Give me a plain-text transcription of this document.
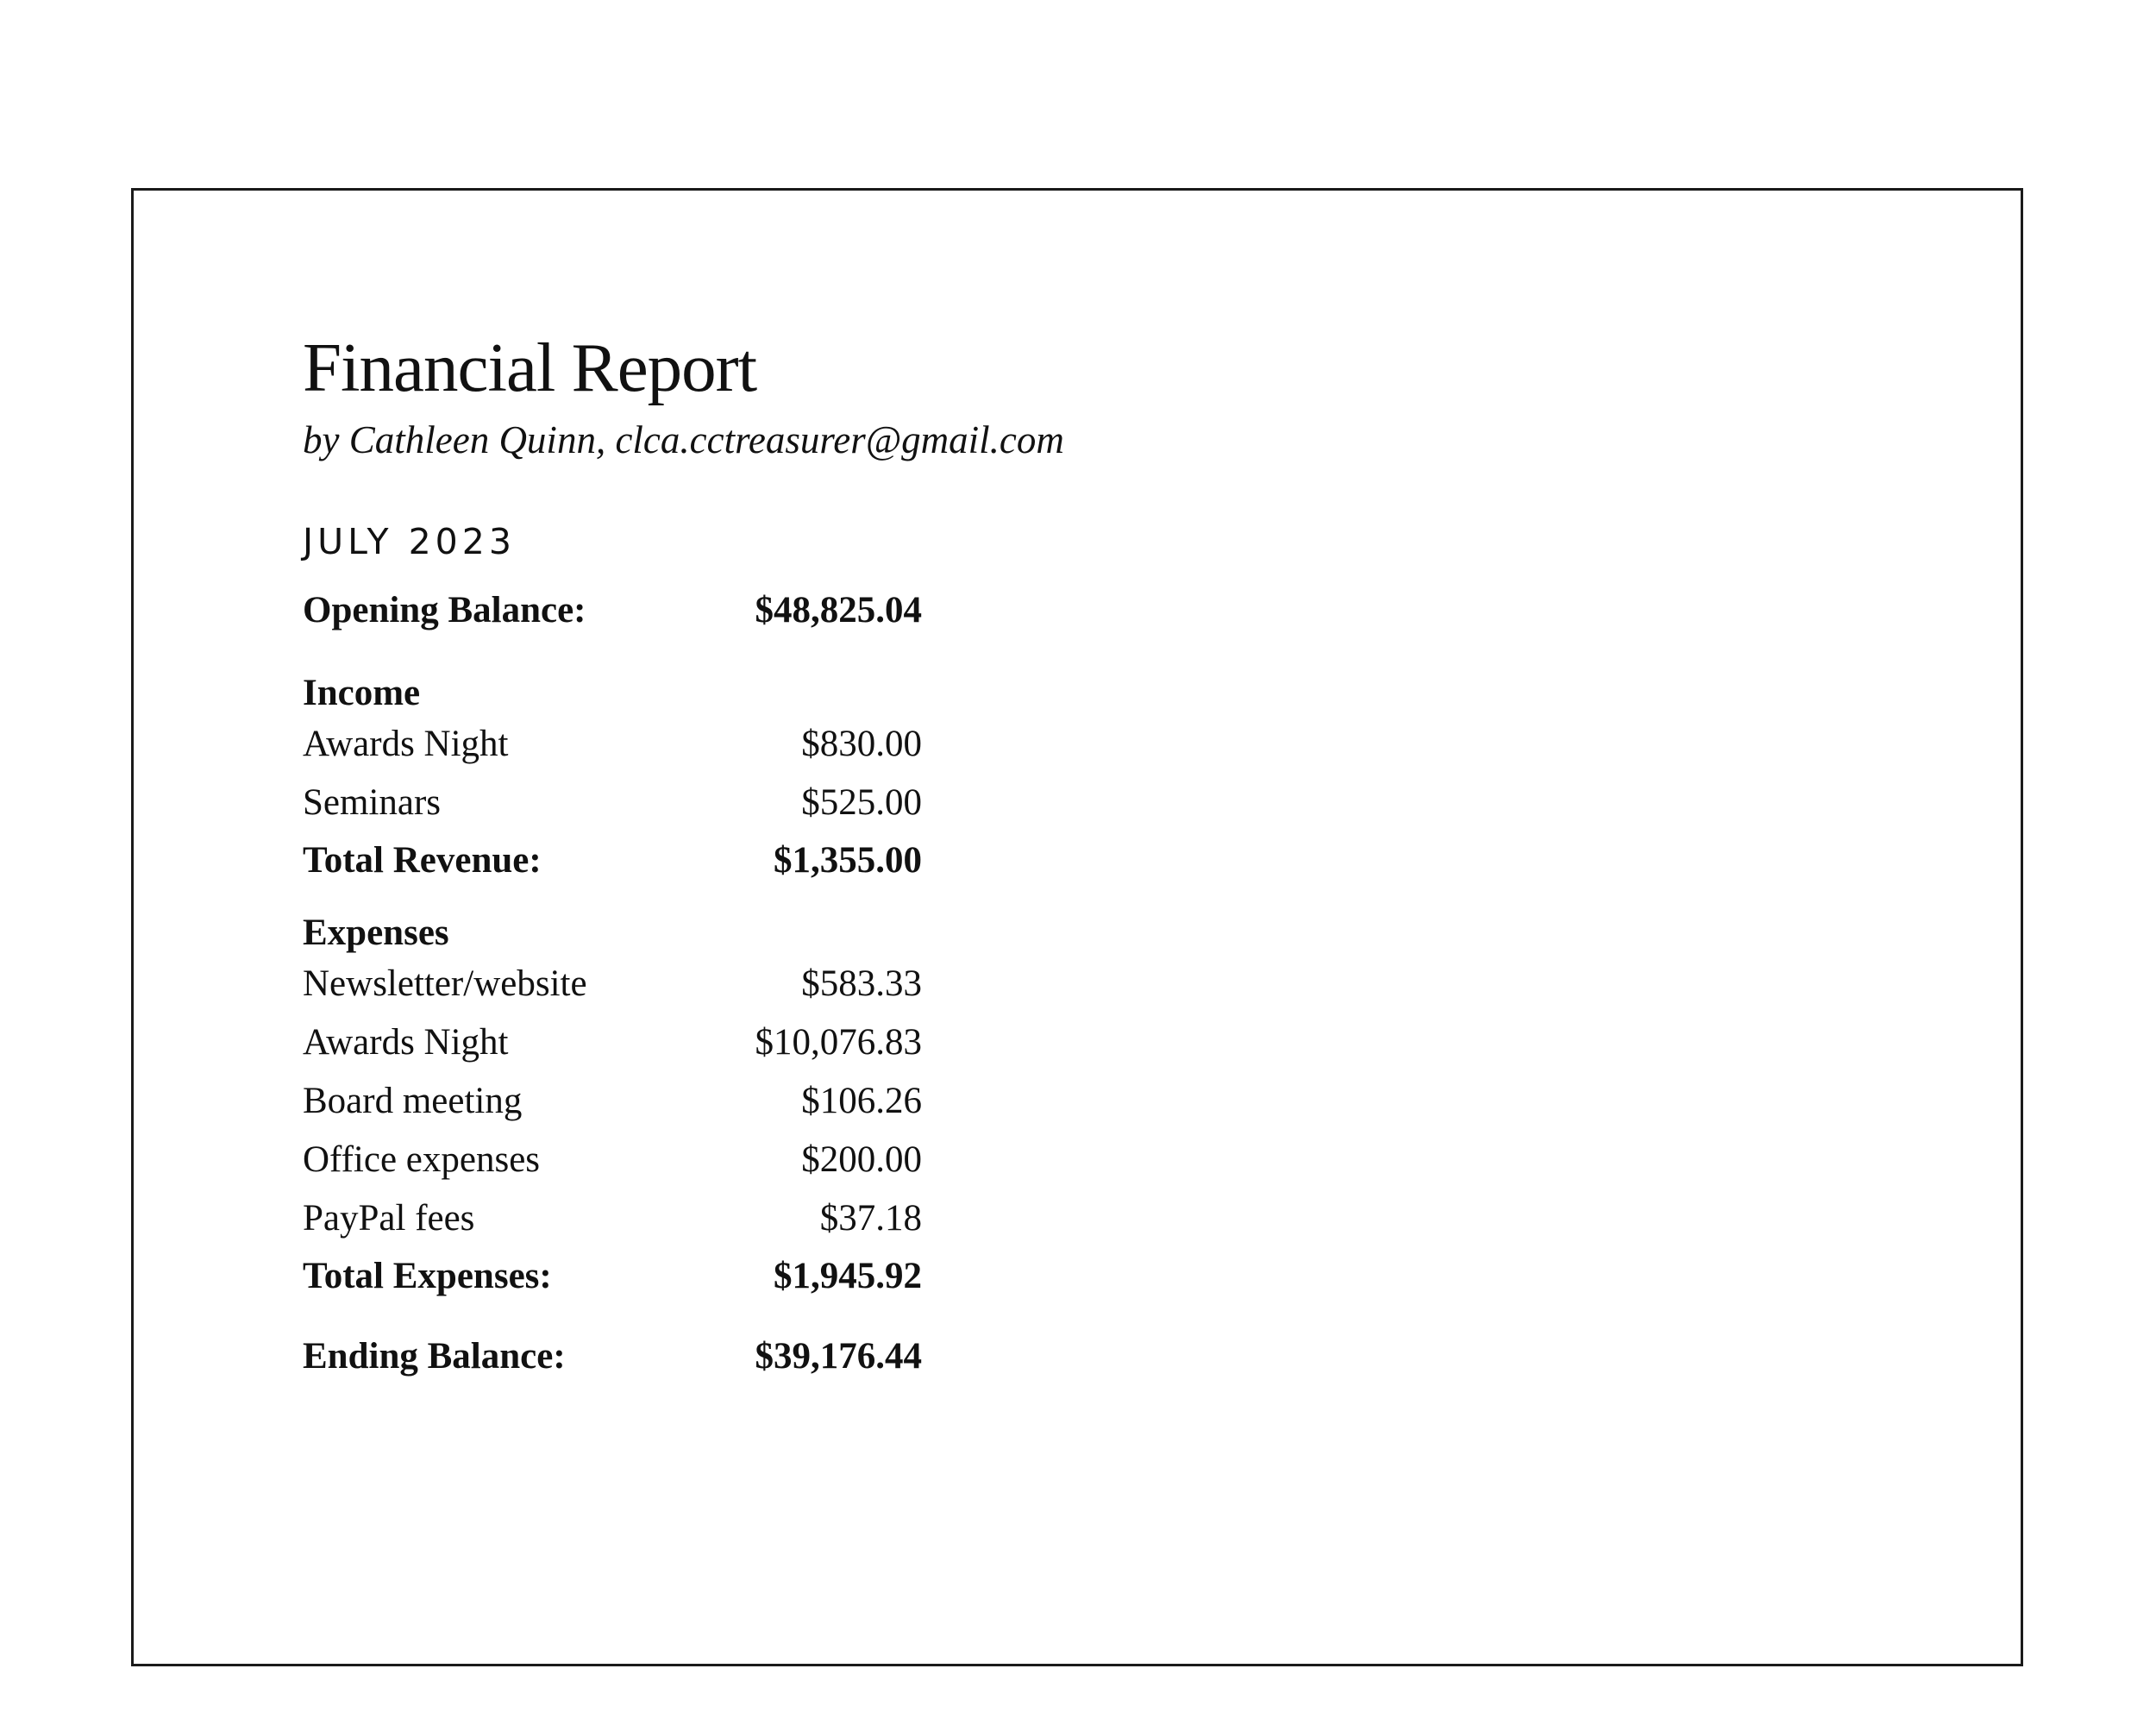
Financial Report

by Cathleen Quinn, clca.cctreasurer@gmail.com

JULY 2023

Opening Balance:	$48,825.04
Income
Awards Night	$830.00
Seminars	$525.00
Total Revenue:	$1,355.00
Expenses
Newsletter/website	$583.33
Awards Night	$10,076.83
Board meeting	$106.26
Office expenses	$200.00
PayPal fees	$37.18
Total Expenses:	$1,945.92
Ending Balance:	$39,176.44
